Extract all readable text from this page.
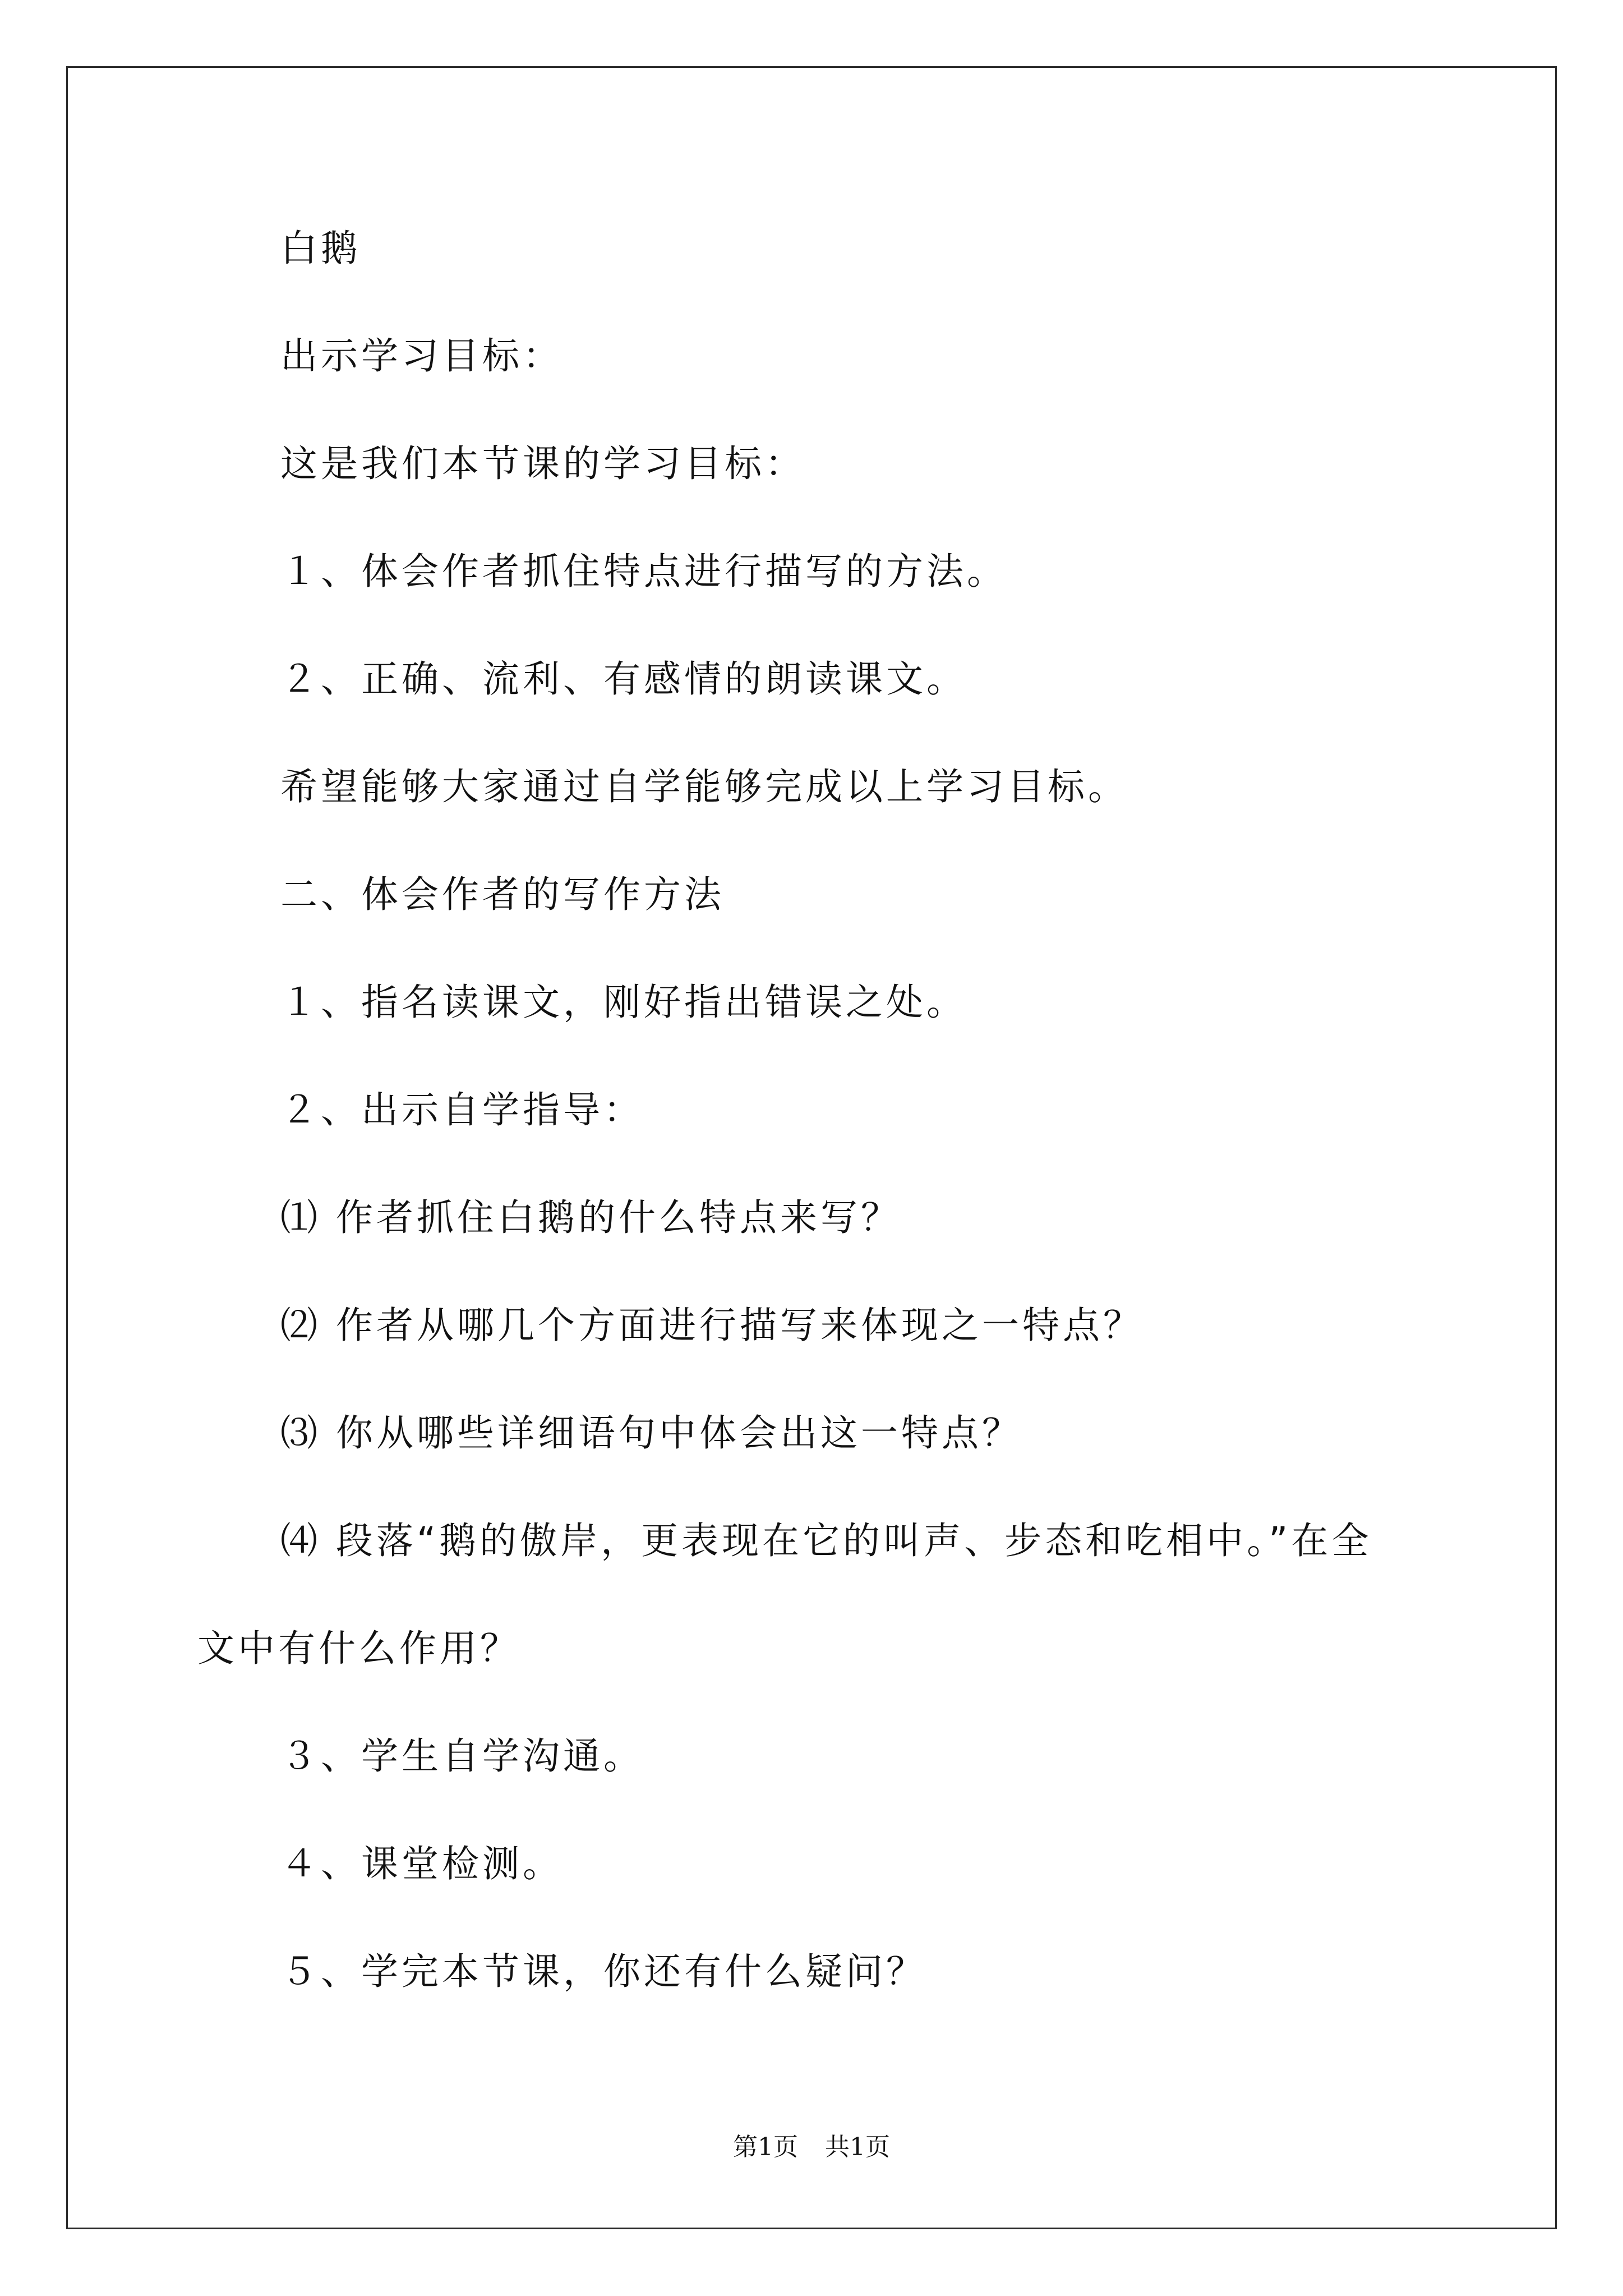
白鹅
出示学习目标：
这是我们本节课的学习目标：
１、体会作者抓住特点进行描写的方法。
２、正确、流利、有感情的朗读课文。
希望能够大家通过自学能够完成以上学习目标。
二、体会作者的写作方法
１、指名读课文，刚好指出错误之处。
２、出示自学指导：
⑴ 作者抓住白鹅的什么特点来写？
⑵ 作者从哪几个方面进行描写来体现之一特点？
⑶ 你从哪些详细语句中体会出这一特点？
⑷ 段落“鹅的傲岸，更表现在它的叫声、步态和吃相中。”在全
文中有什么作用？
３、学生自学沟通。
４、课堂检测。
５、学完本节课，你还有什么疑问？
第1页 共1页
